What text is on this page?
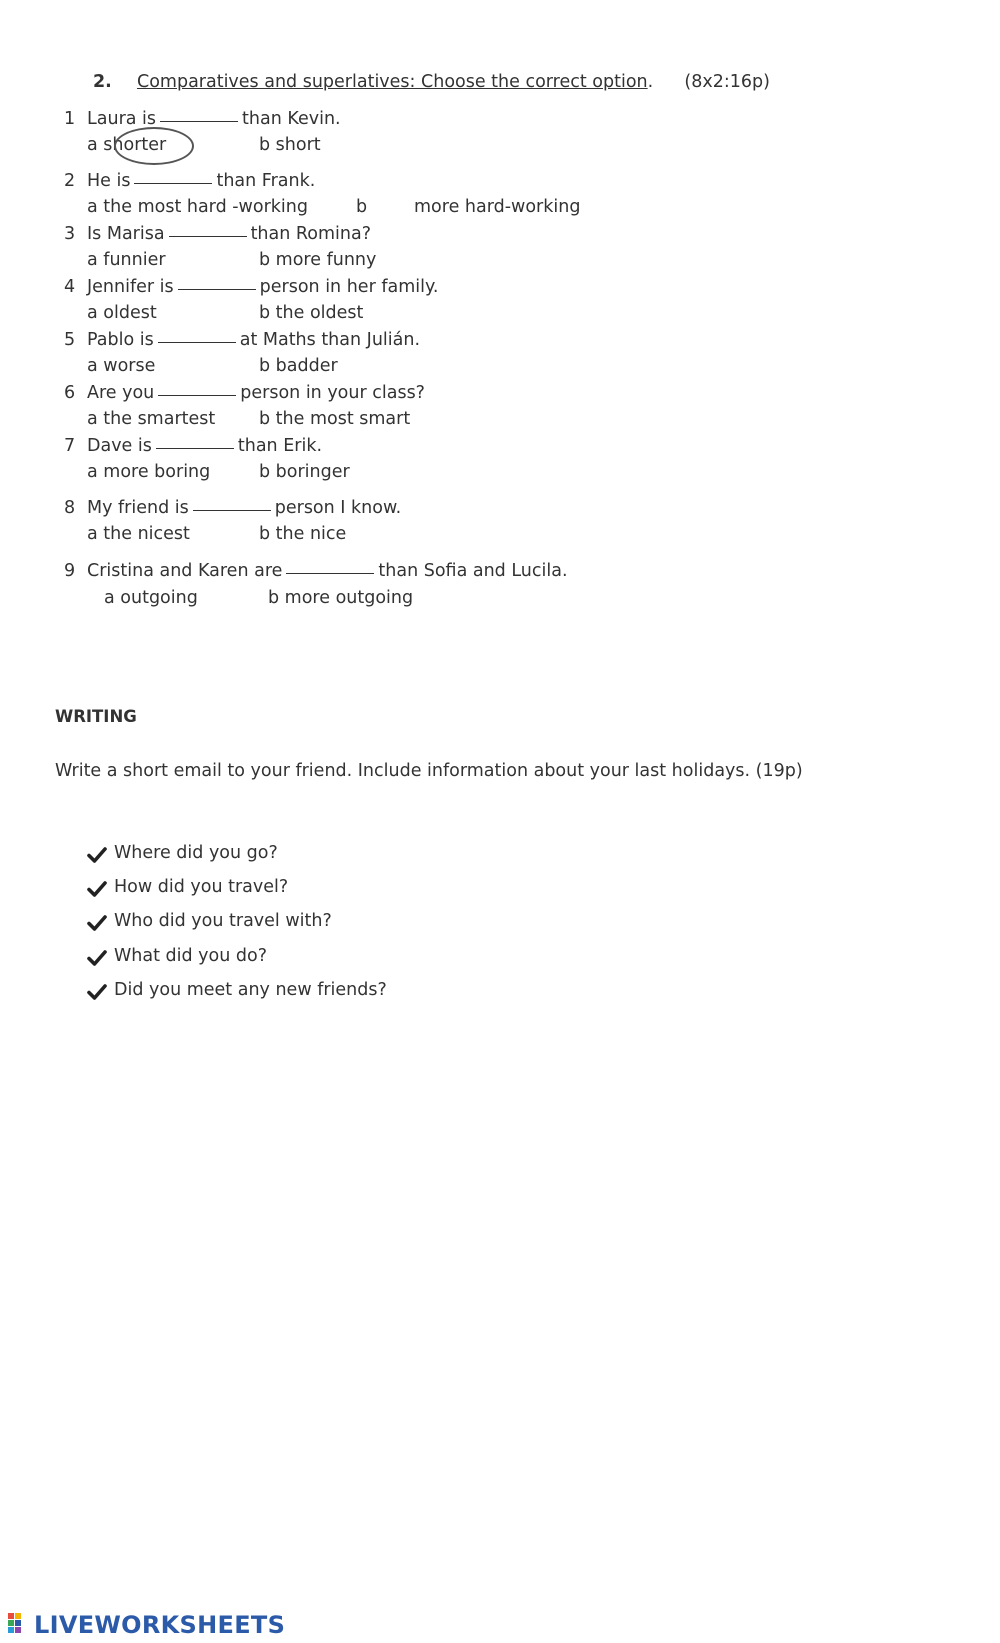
2. Comparatives and superlatives: Choose the correct option. (8x2:16p)
1 Laura is	than Kevin.
a shorter	b short
2 He is	than Frank.
a the most hard -working	b	more hard-working
3 Is Marisa	than Romina?
a funnier	b more funny
4 Jennifer is	person in her family.
a oldest	b the oldest
5 Pablo is	at Maths than Julián.
a worse	b badder
6 Are you	person in your class?
a the smartest b the most smart
7 Dave is	than Erik.
a more boring	b boringer
8 My friend is	person I know.
a the nicest	b the nice
9 Cristina and Karen are	than Sofia and Lucila.
a outgoing	b more outgoing
WRITING
Write a short email to your friend. Include information about your last holidays. (19p)
Where did you go?
How did you travel?
Who did you travel with?
What did you do?
Did you meet any new friends?
LIVEWORKSHEETS
